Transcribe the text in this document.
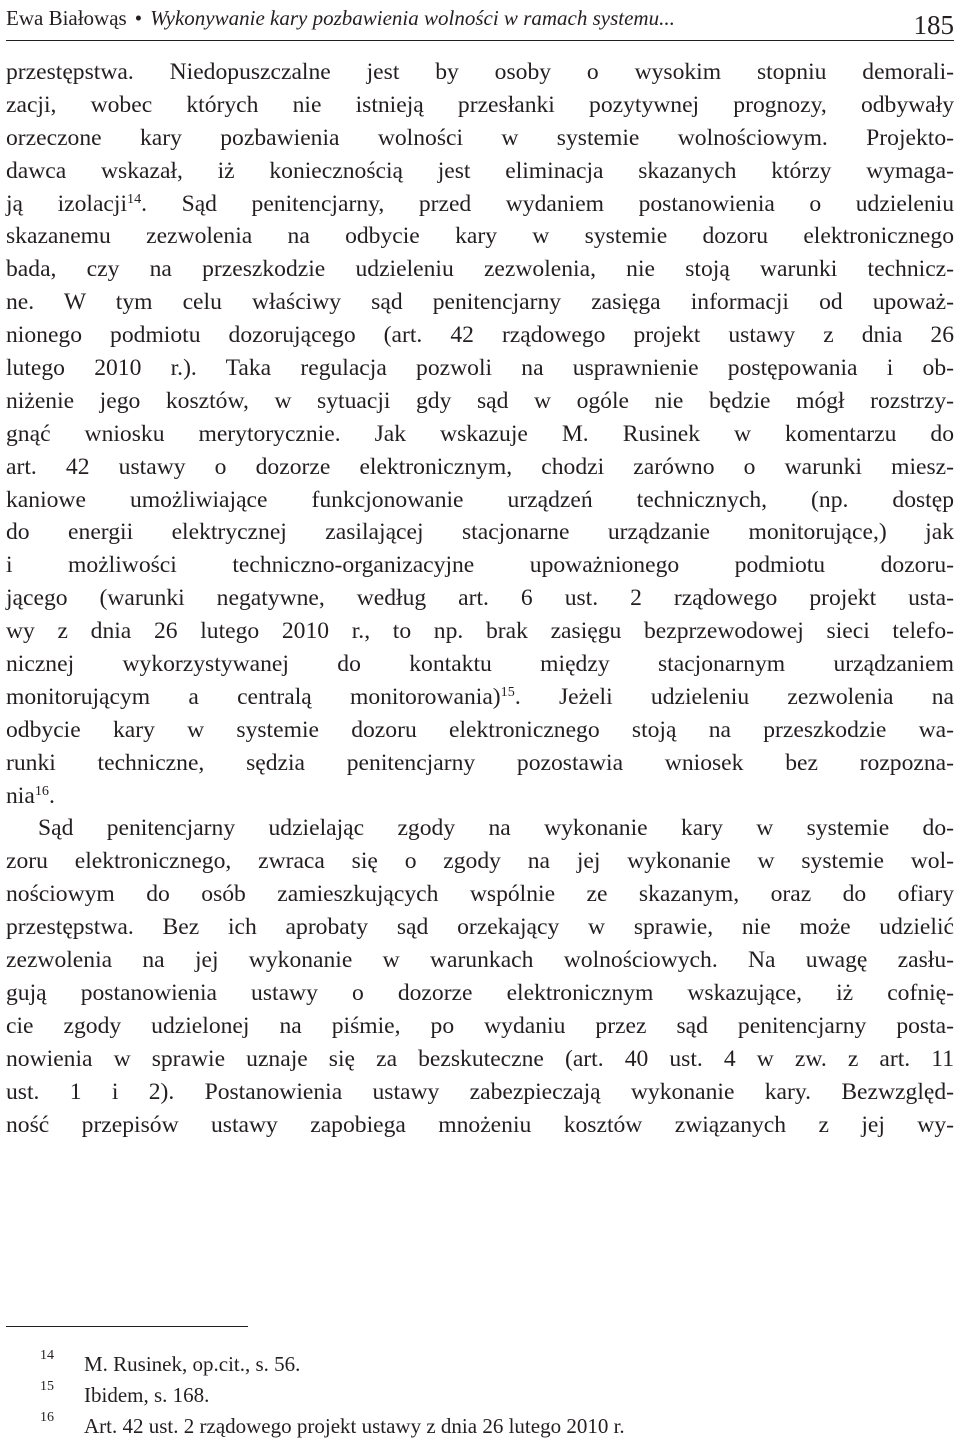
Ewa Białowąs • Wykonywanie kary pozbawienia wolności w ramach systemu...	185
przestępstwa. Niedopuszczalne jest by osoby o wysokim stopniu demorali-
zacji, wobec których nie istnieją przesłanki pozytywnej prognozy, odbywały
orzeczone kary pozbawienia wolności w systemie wolnościowym. Projekto-
dawca wskazał, iż koniecznością jest eliminacja skazanych którzy wymaga-
ją izolacji$^{14}$. Sąd penitencjarny, przed wydaniem postanowienia o udzieleniu
skazanemu zezwolenia na odbycie kary w systemie dozoru elektronicznego
bada, czy na przeszkodzie udzieleniu zezwolenia, nie stoją warunki technicz-
ne. W tym celu właściwy sąd penitencjarny zasięga informacji od upoważ-
nionego podmiotu dozorującego (art. 42 rządowego projekt ustawy z dnia 26
lutego 2010 r.). Taka regulacja pozwoli na usprawnienie postępowania i ob-
niżenie jego kosztów, w sytuacji gdy sąd w ogóle nie będzie mógł rozstrzy-
gnąć wniosku merytorycznie. Jak wskazuje M. Rusinek w komentarzu do
art. 42 ustawy o dozorze elektronicznym, chodzi zarówno o warunki miesz-
kaniowe umożliwiające funkcjonowanie urządzeń technicznych, (np. dostęp
do energii elektrycznej zasilającej stacjonarne urządzanie monitorujące,) jak
i możliwości techniczno-organizacyjne upoważnionego podmiotu dozoru-
jącego (warunki negatywne, według art. 6 ust. 2 rządowego projekt usta-
wy z dnia 26 lutego 2010 r., to np. brak zasięgu bezprzewodowej sieci telefo-
nicznej wykorzystywanej do kontaktu między stacjonarnym urządzaniem
monitorującym a centralą monitorowania)$^{15}$. Jeżeli udzieleniu zezwolenia na
odbycie kary w systemie dozoru elektronicznego stoją na przeszkodzie wa-
runki techniczne, sędzia penitencjarny pozostawia wniosek bez rozpozna-
nia$^{16}$.
Sąd penitencjarny udzielając zgody na wykonanie kary w systemie do-
zoru elektronicznego, zwraca się o zgody na jej wykonanie w systemie wol-
nościowym do osób zamieszkujących wspólnie ze skazanym, oraz do ofiary
przestępstwa. Bez ich aprobaty sąd orzekający w sprawie, nie może udzielić
zezwolenia na jej wykonanie w warunkach wolnościowych. Na uwagę zasłu-
gują postanowienia ustawy o dozorze elektronicznym wskazujące, iż cofnię-
cie zgody udzielonej na piśmie, po wydaniu przez sąd penitencjarny posta-
nowienia w sprawie uznaje się za bezskuteczne (art. 40 ust. 4 w zw. z art. 11
ust. 1 i 2). Postanowienia ustawy zabezpieczają wykonanie kary. Bezwzględ-
ność przepisów ustawy zapobiega mnożeniu kosztów związanych z jej wy-
14 M. Rusinek, op.cit., s. 56.
15 Ibidem, s. 168.
16 Art. 42 ust. 2 rządowego projekt ustawy z dnia 26 lutego 2010 r.
